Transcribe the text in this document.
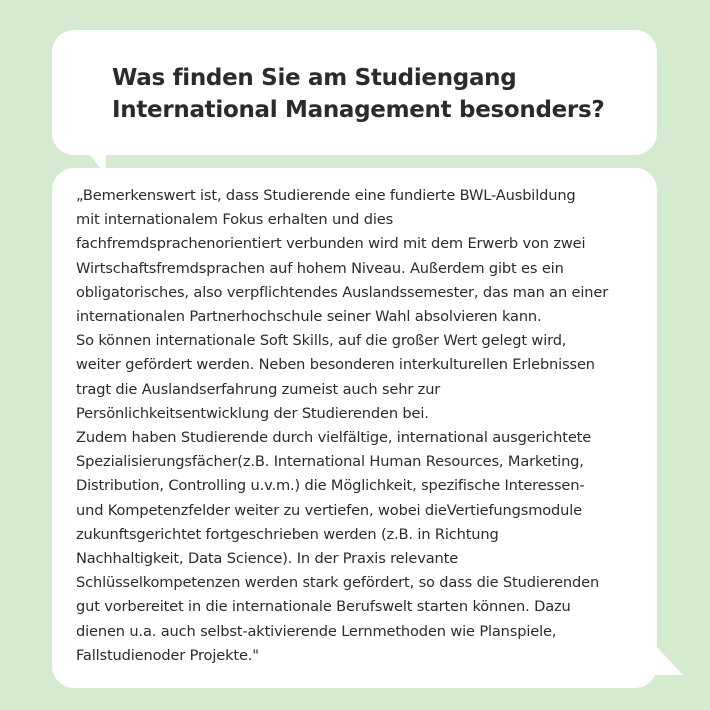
Was finden Sie am Studiengang
International Management besonders?

„Bemerkenswert ist, dass Studierende eine fundierte BWL-Ausbildung
mit internationalem Fokus erhalten und dies
fachfremdsprachenorientiert verbunden wird mit dem Erwerb von zwei
Wirtschaftsfremdsprachen auf hohem Niveau. Außerdem gibt es ein
obligatorisches, also verpflichtendes Auslandssemester, das man an einer
internationalen Partnerhochschule seiner Wahl absolvieren kann.
So können internationale Soft Skills, auf die großer Wert gelegt wird,
weiter gefördert werden. Neben besonderen interkulturellen Erlebnissen
tragt die Auslandserfahrung zumeist auch sehr zur
Persönlichkeitsentwicklung der Studierenden bei.
Zudem haben Studierende durch vielfältige, international ausgerichtete
Spezialisierungsfächer(z.B. International Human Resources, Marketing,
Distribution, Controlling u.v.m.) die Möglichkeit, spezifische Interessen-
und Kompetenzfelder weiter zu vertiefen, wobei dieVertiefungsmodule
zukunftsgerichtet fortgeschrieben werden (z.B. in Richtung
Nachhaltigkeit, Data Science). In der Praxis relevante
Schlüsselkompetenzen werden stark gefördert, so dass die Studierenden
gut vorbereitet in die internationale Berufswelt starten können. Dazu
dienen u.a. auch selbst-aktivierende Lernmethoden wie Planspiele,
Fallstudienoder Projekte."
